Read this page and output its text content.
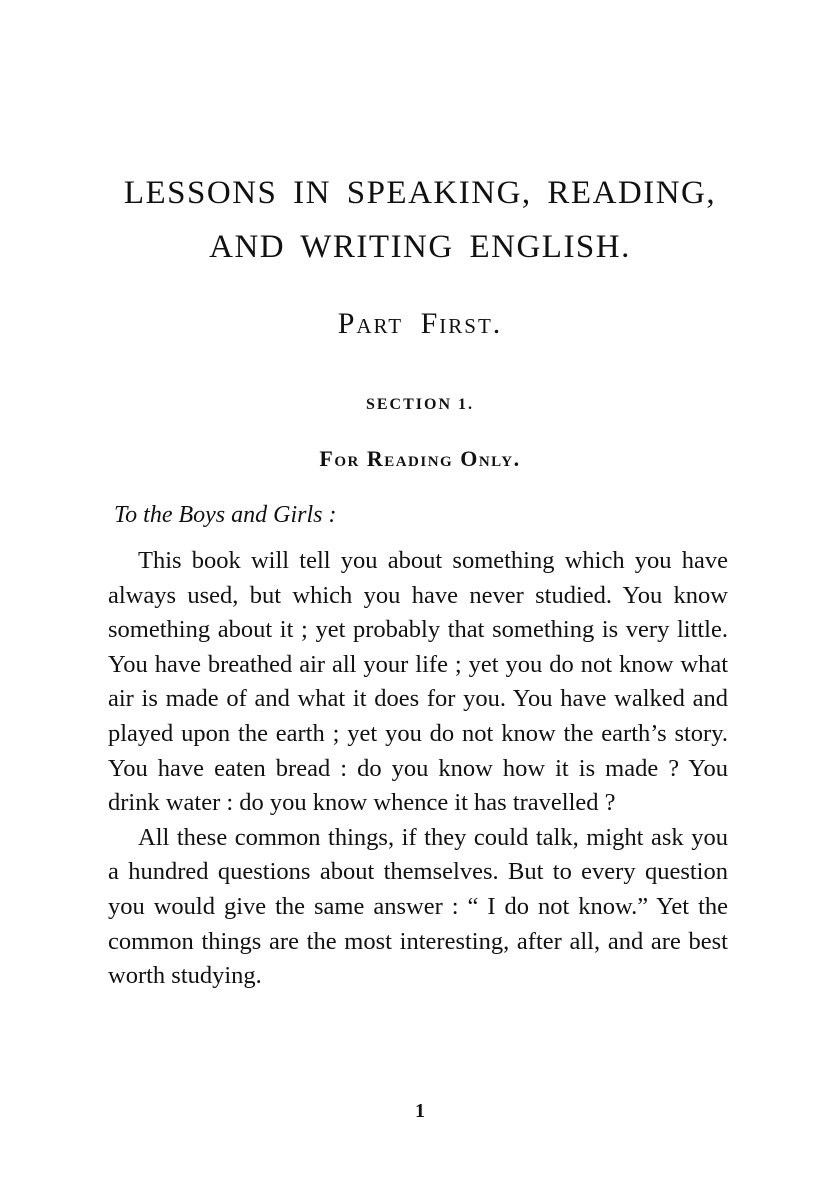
LESSONS IN SPEAKING, READING,
AND WRITING ENGLISH.
Part First.
SECTION 1.
For Reading Only.

To the Boys and Girls :

This book will tell you about something which you have always used, but which you have never studied. You know something about it ; yet probably that something is very little. You have breathed air all your life ; yet you do not know what air is made of and what it does for you. You have walked and played upon the earth ; yet you do not know the earth’s story. You have eaten bread : do you know how it is made ? You drink water : do you know whence it has travelled ?

All these common things, if they could talk, might ask you a hundred questions about themselves. But to every question you would give the same answer : “ I do not know.” Yet the common things are the most interesting, after all, and are best worth studying.

1
